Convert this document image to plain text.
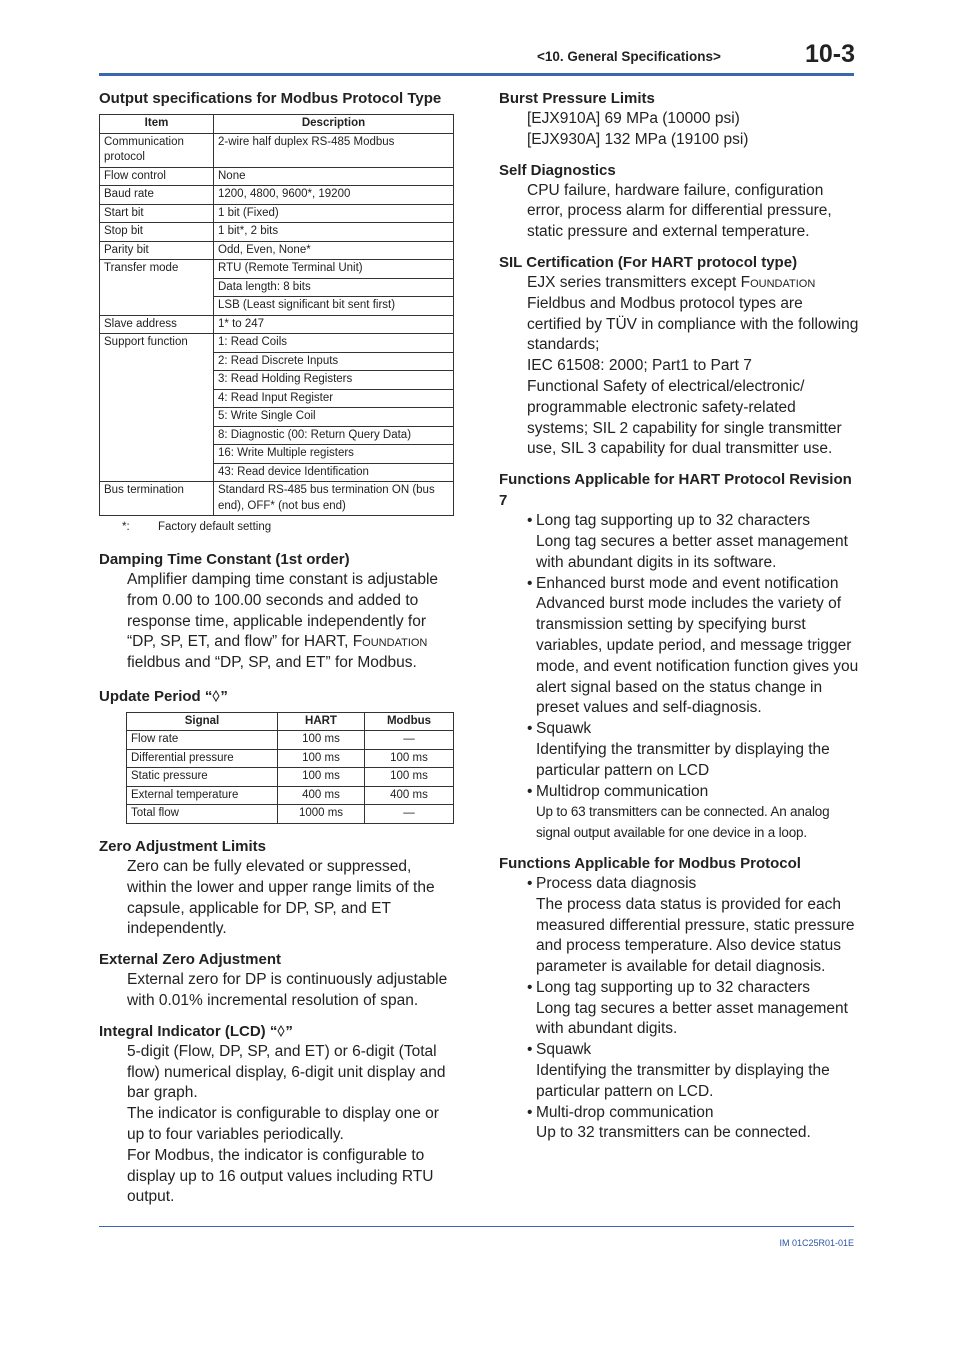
<10. General Specifications>	10-3
Output specifications for Modbus Protocol Type
Item	Description
Communication protocol	2-wire half duplex RS-485 Modbus
Flow control	None
Baud rate	1200, 4800, 9600*, 19200
Start bit	1 bit (Fixed)
Stop bit	1 bit*, 2 bits
Parity bit	Odd, Even, None*
Transfer mode	RTU (Remote Terminal Unit)
	Data length: 8 bits
	LSB (Least significant bit sent first)
Slave address	1* to 247
Support function	1: Read Coils
	2: Read Discrete Inputs
	3: Read Holding Registers
	4: Read Input Register
	5: Write Single Coil
	8: Diagnostic (00: Return Query Data)
	16: Write Multiple registers
	43: Read device Identification
Bus termination	Standard RS-485 bus termination ON (bus end), OFF* (not bus end)
*: Factory default setting
Damping Time Constant (1st order)
Amplifier damping time constant is adjustable from 0.00 to 100.00 seconds and added to response time, applicable independently for “DP, SP, ET, and flow” for HART, Foundation fieldbus and “DP, SP, and ET” for Modbus.
Update Period “ ”
Signal	HART	Modbus
Flow rate	100 ms	—
Differential pressure	100 ms	100 ms
Static pressure	100 ms	100 ms
External temperature	400 ms	400 ms
Total flow	1000 ms	—
Zero Adjustment Limits
Zero can be fully elevated or suppressed, within the lower and upper range limits of the capsule, applicable for DP, SP, and ET independently.
External Zero Adjustment
External zero for DP is continuously adjustable with 0.01% incremental resolution of span.
Integral Indicator (LCD) “ ”
5-digit (Flow, DP, SP, and ET) or 6-digit (Total flow) numerical display, 6-digit unit display and bar graph.
The indicator is configurable to display one or up to four variables periodically.
For Modbus, the indicator is configurable to display up to 16 output values including RTU output.
Burst Pressure Limits
[EJX910A] 69 MPa (10000 psi)
[EJX930A] 132 MPa (19100 psi)
Self Diagnostics
CPU failure, hardware failure, configuration error, process alarm for differential pressure, static pressure and external temperature.
SIL Certification (For HART protocol type)
EJX series transmitters except Foundation Fieldbus and Modbus protocol types are certified by TÜV in compliance with the following standards;
IEC 61508: 2000; Part1 to Part 7
Functional Safety of electrical/electronic/ programmable electronic safety-related systems; SIL 2 capability for single transmitter use, SIL 3 capability for dual transmitter use.
Functions Applicable for HART Protocol Revision 7
• Long tag supporting up to 32 characters
Long tag secures a better asset management with abundant digits in its software.
• Enhanced burst mode and event notification
Advanced burst mode includes the variety of transmission setting by specifying burst variables, update period, and message trigger mode, and event notification function gives you alert signal based on the status change in preset values and self-diagnosis.
• Squawk
Identifying the transmitter by displaying the particular pattern on LCD
• Multidrop communication
Up to 63 transmitters can be connected. An analog signal output available for one device in a loop.
Functions Applicable for Modbus Protocol
• Process data diagnosis
The process data status is provided for each measured differential pressure, static pressure and process temperature. Also device status parameter is available for detail diagnosis.
• Long tag supporting up to 32 characters
Long tag secures a better asset management with abundant digits.
• Squawk
Identifying the transmitter by displaying the particular pattern on LCD.
• Multi-drop communication
Up to 32 transmitters can be connected.
IM 01C25R01-01E
